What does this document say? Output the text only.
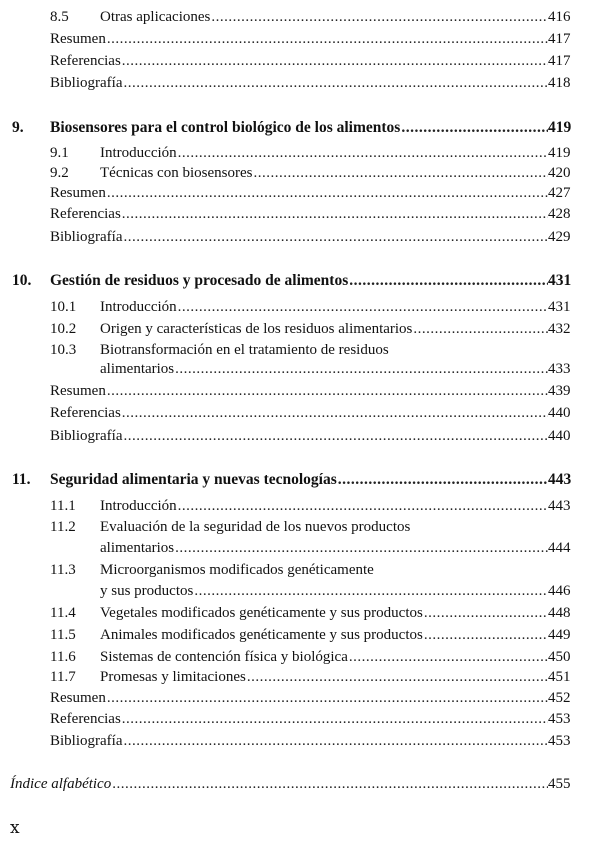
8.5 Otras aplicaciones .....	416
Resumen .....	417
Referencias .....	417
Bibliografía .....	418
9. Biosensores para el control biológico de los alimentos .....	419
9.1 Introducción .....	419
9.2 Técnicas con biosensores .....	420
Resumen .....	427
Referencias .....	428
Bibliografía .....	429
10. Gestión de residuos y procesado de alimentos .....	431
10.1 Introducción .....	431
10.2 Origen y características de los residuos alimentarios .....	432
10.3 Biotransformación en el tratamiento de residuos
alimentarios .....	433
Resumen .....	439
Referencias .....	440
Bibliografía .....	440
11. Seguridad alimentaria y nuevas tecnologías .....	443
11.1 Introducción .....	443
11.2 Evaluación de la seguridad de los nuevos productos
alimentarios .....	444
11.3 Microorganismos modificados genéticamente
y sus productos .....	446
11.4 Vegetales modificados genéticamente y sus productos .....	448
11.5 Animales modificados genéticamente y sus productos .....	449
11.6 Sistemas de contención física y biológica .....	450
11.7 Promesas y limitaciones .....	451
Resumen .....	452
Referencias .....	453
Bibliografía .....	453
Índice alfabético .....	455
x
